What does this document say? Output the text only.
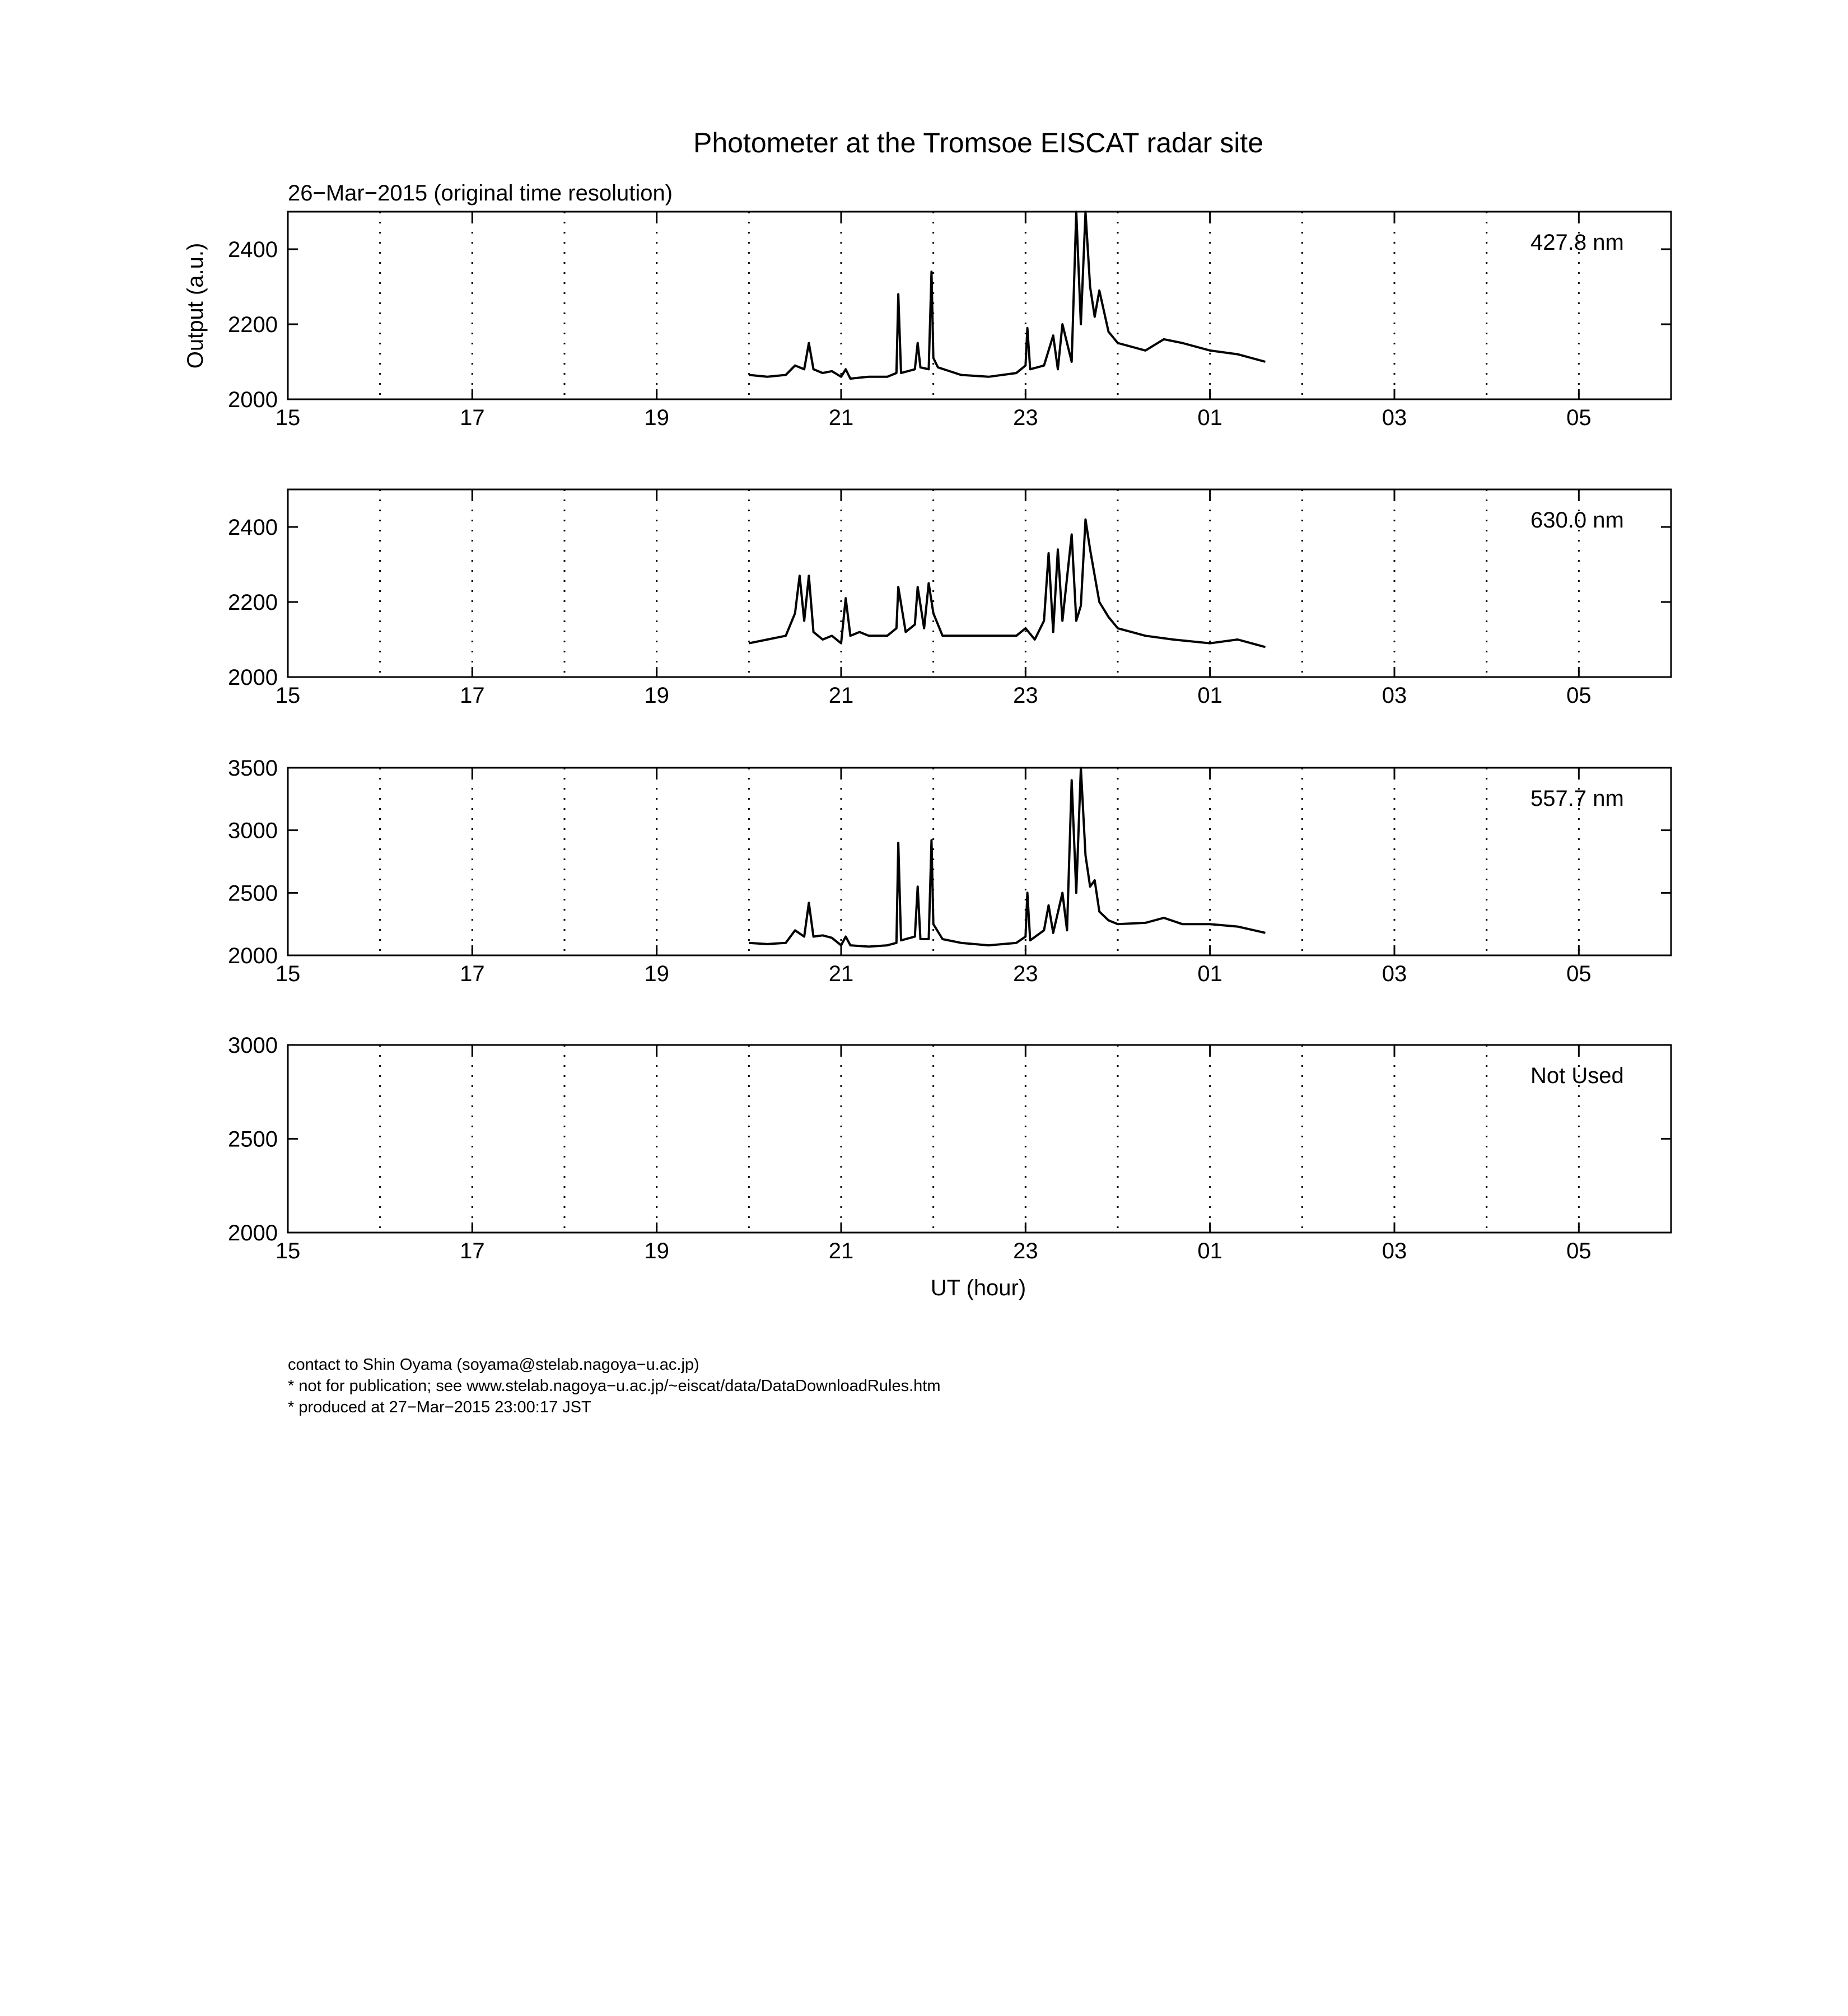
Photometer at the Tromsoe EISCAT radar site
26−Mar−2015 (original time resolution)
Output (a.u.)
15	17	19	21	23	01	03	05
2000
2200
2400	427.8 nm
15	17	19	21	23	01	03	05
2000
2200
2400	630.0 nm
15	17	19	21	23	01	03	05
2000
2500
3000
3500
557.7 nm
15	17	19	21	23	01	03	05
2000
2500
3000
Not Used
UT (hour)
contact to Shin Oyama (soyama@stelab.nagoya−u.ac.jp)
* not for publication; see www.stelab.nagoya−u.ac.jp/~eiscat/data/DataDownloadRules.htm
* produced at 27−Mar−2015 23:00:17 JST
